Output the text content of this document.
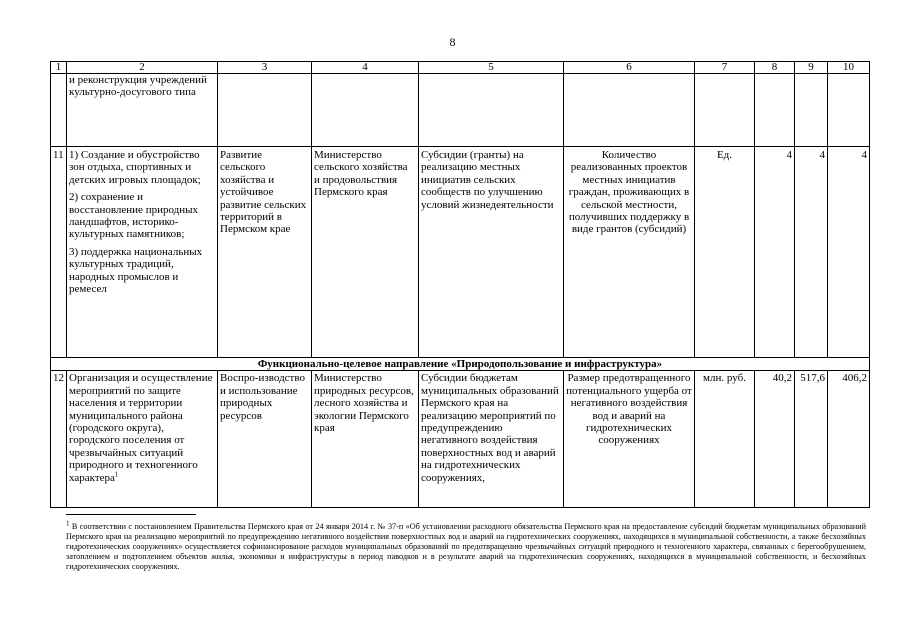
8
1	2	3	4	5	6	7	8	9	10
	и реконструкция учреждений культурно-досугового типа								
11	1) Создание и обустройство зон отдыха, спортивных и детских игровых площадок;

2) сохранение и восстановление природных ландшафтов, историко-культурных памятников;

3) поддержка национальных культурных традиций, народных промыслов и ремесел	Развитие сельского хозяйства и устойчивое развитие сельских территорий в Пермском крае	Министерство сельского хозяйства и продовольствия Пермского края	Субсидии (гранты) на реализацию местных инициатив сельских сообществ по улучшению условий жизнедеятельности	Количество реализованных проектов местных инициатив граждан, проживающих в сельской местности, получивших поддержку в виде грантов (субсидий)	Ед.	4	4	4
Функционально-целевое направление «Природопользование и инфраструктура»									
12	Организация и осуществление мероприятий по защите населения и территории муниципального района (городского округа), городского поселения от чрезвычайных ситуаций природного и техногенного характера$^1$	Воспро-изводство и использование природных ресурсов	Министерство природных ресурсов, лесного хозяйства и экологии Пермского края	Субсидии бюджетам муниципальных образований Пермского края на реализацию мероприятий по предупреждению негативного воздействия поверхностных вод и аварий на гидротехнических сооружениях,	Размер предотвращенного потенциального ущерба от негативного воздействия вод и аварий на гидротехнических сооружениях	млн. руб.	40,2	517,6	406,2
$^1$ В соответствии с постановлением Правительства Пермского края от 24 января 2014 г. № 37-п «Об установлении расходного обязательства Пермского края на предоставление субсидий бюджетам муниципальных образований Пермского края на реализацию мероприятий по предупреждению негативного воздействия поверхностных вод и аварий на гидротехнических сооружениях, находящихся в муниципальной собственности, а также бесхозяйных гидротехнических сооружениях» осуществляется софинансирование расходов муниципальных образований по предотвращению чрезвычайных ситуаций природного и техногенного характера, связанных с берегообрушением, затоплением и подтоплением объектов жилья, экономики и инфраструктуры в период паводков и в результате аварий на гидротехнических сооружениях, находящихся в муниципальной собственности, и бесхозяйных гидротехнических сооружениях.
